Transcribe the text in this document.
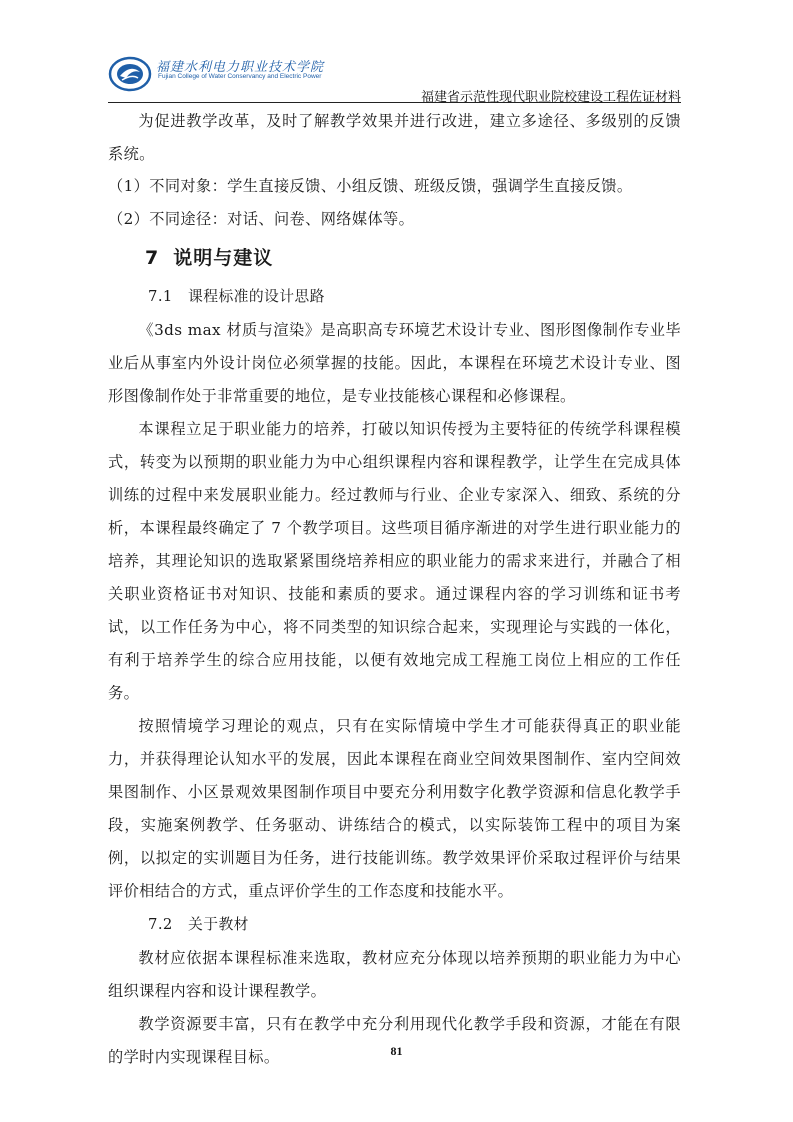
福建水利电力职业技术学院
Fujian College of Water Conservancy and Electric Power
福建省示范性现代职业院校建设工程佐证材料

为促进教学改革，及时了解教学效果并进行改进，建立多途径、多级别的反馈系统。

（1）不同对象：学生直接反馈、小组反馈、班级反馈，强调学生直接反馈。

（2）不同途径：对话、问卷、网络媒体等。

7 说明与建议

7.1 课程标准的设计思路

《3ds max 材质与渲染》是高职高专环境艺术设计专业、图形图像制作专业毕业后从事室内外设计岗位必须掌握的技能。因此，本课程在环境艺术设计专业、图形图像制作处于非常重要的地位，是专业技能核心课程和必修课程。

本课程立足于职业能力的培养，打破以知识传授为主要特征的传统学科课程模式，转变为以预期的职业能力为中心组织课程内容和课程教学，让学生在完成具体训练的过程中来发展职业能力。经过教师与行业、企业专家深入、细致、系统的分析，本课程最终确定了 7 个教学项目。这些项目循序渐进的对学生进行职业能力的培养，其理论知识的选取紧紧围绕培养相应的职业能力的需求来进行，并融合了相关职业资格证书对知识、技能和素质的要求。通过课程内容的学习训练和证书考试，以工作任务为中心，将不同类型的知识综合起来，实现理论与实践的一体化，有利于培养学生的综合应用技能，以便有效地完成工程施工岗位上相应的工作任务。

按照情境学习理论的观点，只有在实际情境中学生才可能获得真正的职业能力，并获得理论认知水平的发展，因此本课程在商业空间效果图制作、室内空间效果图制作、小区景观效果图制作项目中要充分利用数字化教学资源和信息化教学手段，实施案例教学、任务驱动、讲练结合的模式，以实际装饰工程中的项目为案例，以拟定的实训题目为任务，进行技能训练。教学效果评价采取过程评价与结果评价相结合的方式，重点评价学生的工作态度和技能水平。

7.2 关于教材

教材应依据本课程标准来选取，教材应充分体现以培养预期的职业能力为中心组织课程内容和设计课程教学。

教学资源要丰富，只有在教学中充分利用现代化教学手段和资源，才能在有限的学时内实现课程目标。	81
